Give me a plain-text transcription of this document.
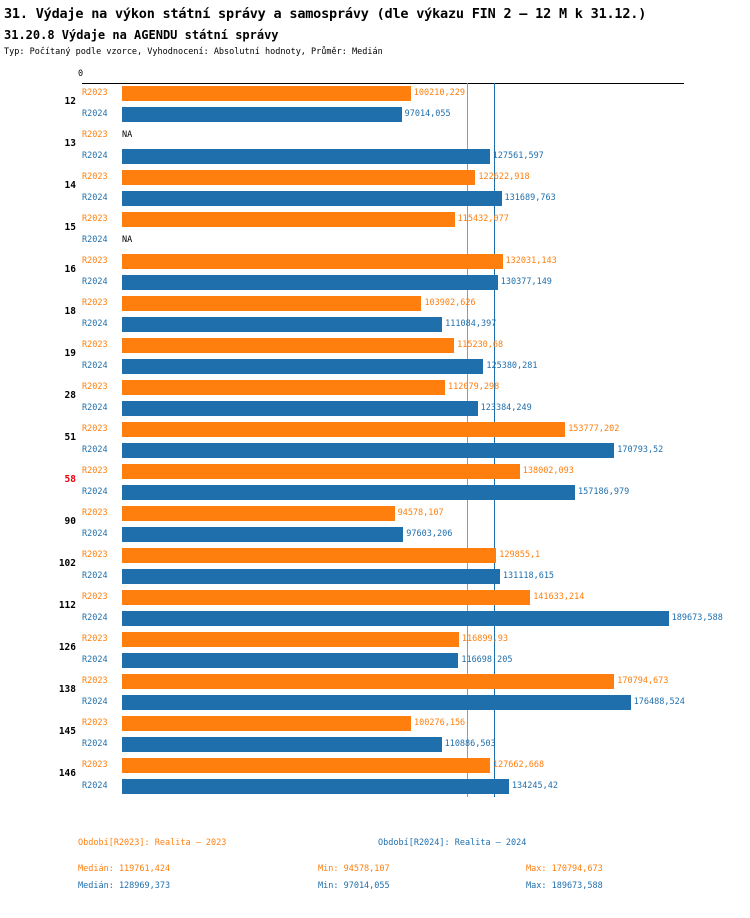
31. Výdaje na výkon státní správy a samosprávy (dle výkazu FIN 2 – 12 M k 31.12.)
31.20.8 Výdaje na AGENDU státní správy
Typ: Počítaný podle vzorce, Vyhodnocení: Absolutní hodnoty, Průměr: Medián
0
12
R2023	100210,229
R2024	97014,055
13
R2023	NA
R2024	127561,597
14
R2023	122622,918
R2024	131689,763
15
R2023	115432,077
R2024	NA
16
R2023	132031,143
R2024	130377,149
18
R2023	103902,626
R2024	111084,397
19
R2023	115230,68
R2024	125380,281
28
R2023	112079,298
R2024	123384,249
51
R2023	153777,202
R2024	170793,52
58
R2023	138002,093
R2024	157186,979
90
R2023	94578,107
R2024	97603,206
102
R2023	129855,1
R2024	131118,615
112
R2023	141633,214
R2024	189673,588
126
R2023	116899,93
R2024	116698,205
138
R2023	170794,673
R2024	176488,524
145
R2023	100276,156
R2024	110886,503
146
R2023	127662,668
R2024	134245,42
Období[R2023]: Realita – 2023	Období[R2024]: Realita – 2024
Medián: 119761,424	Min: 94578,107	Max: 170794,673
Medián: 128969,373	Min: 97014,055	Max: 189673,588
